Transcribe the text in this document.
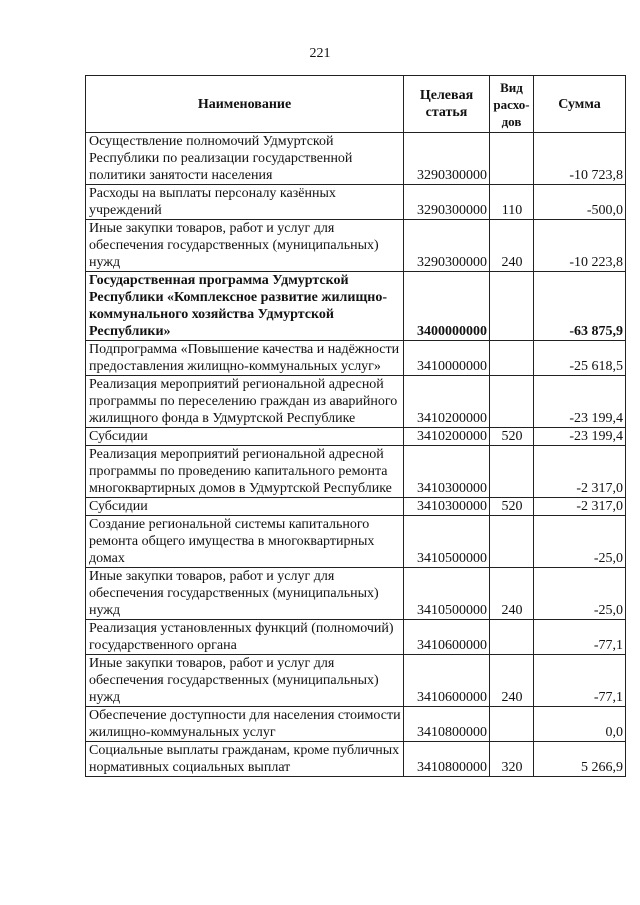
221
Наименование	Целевая статья	Вид расхо-дов	Сумма
Осуществление полномочий Удмуртской Республики по реализации государственной политики занятости населения	3290300000		-10 723,8
Расходы на выплаты персоналу казённых учреждений	3290300000	110	-500,0
Иные закупки товаров, работ и услуг для обеспечения государственных (муниципальных) нужд	3290300000	240	-10 223,8
Государственная программа Удмуртской Республики «Комплексное развитие жилищно-коммунального хозяйства Удмуртской Республики»	3400000000		-63 875,9
Подпрограмма «Повышение качества и надёжности предоставления жилищно-коммунальных услуг»	3410000000		-25 618,5
Реализация мероприятий региональной адресной программы по переселению граждан из аварийного жилищного фонда в Удмуртской Республике	3410200000		-23 199,4
Субсидии	3410200000	520	-23 199,4
Реализация мероприятий региональной адресной программы по проведению капитального ремонта многоквартирных домов в Удмуртской Республике	3410300000		-2 317,0
Субсидии	3410300000	520	-2 317,0
Создание региональной системы капитального ремонта общего имущества в многоквартирных домах	3410500000		-25,0
Иные закупки товаров, работ и услуг для обеспечения государственных (муниципальных) нужд	3410500000	240	-25,0
Реализация установленных функций (полномочий) государственного органа	3410600000		-77,1
Иные закупки товаров, работ и услуг для обеспечения государственных (муниципальных) нужд	3410600000	240	-77,1
Обеспечение доступности для населения стоимости жилищно-коммунальных услуг	3410800000		0,0
Социальные выплаты гражданам, кроме публичных нормативных социальных выплат	3410800000	320	5 266,9
